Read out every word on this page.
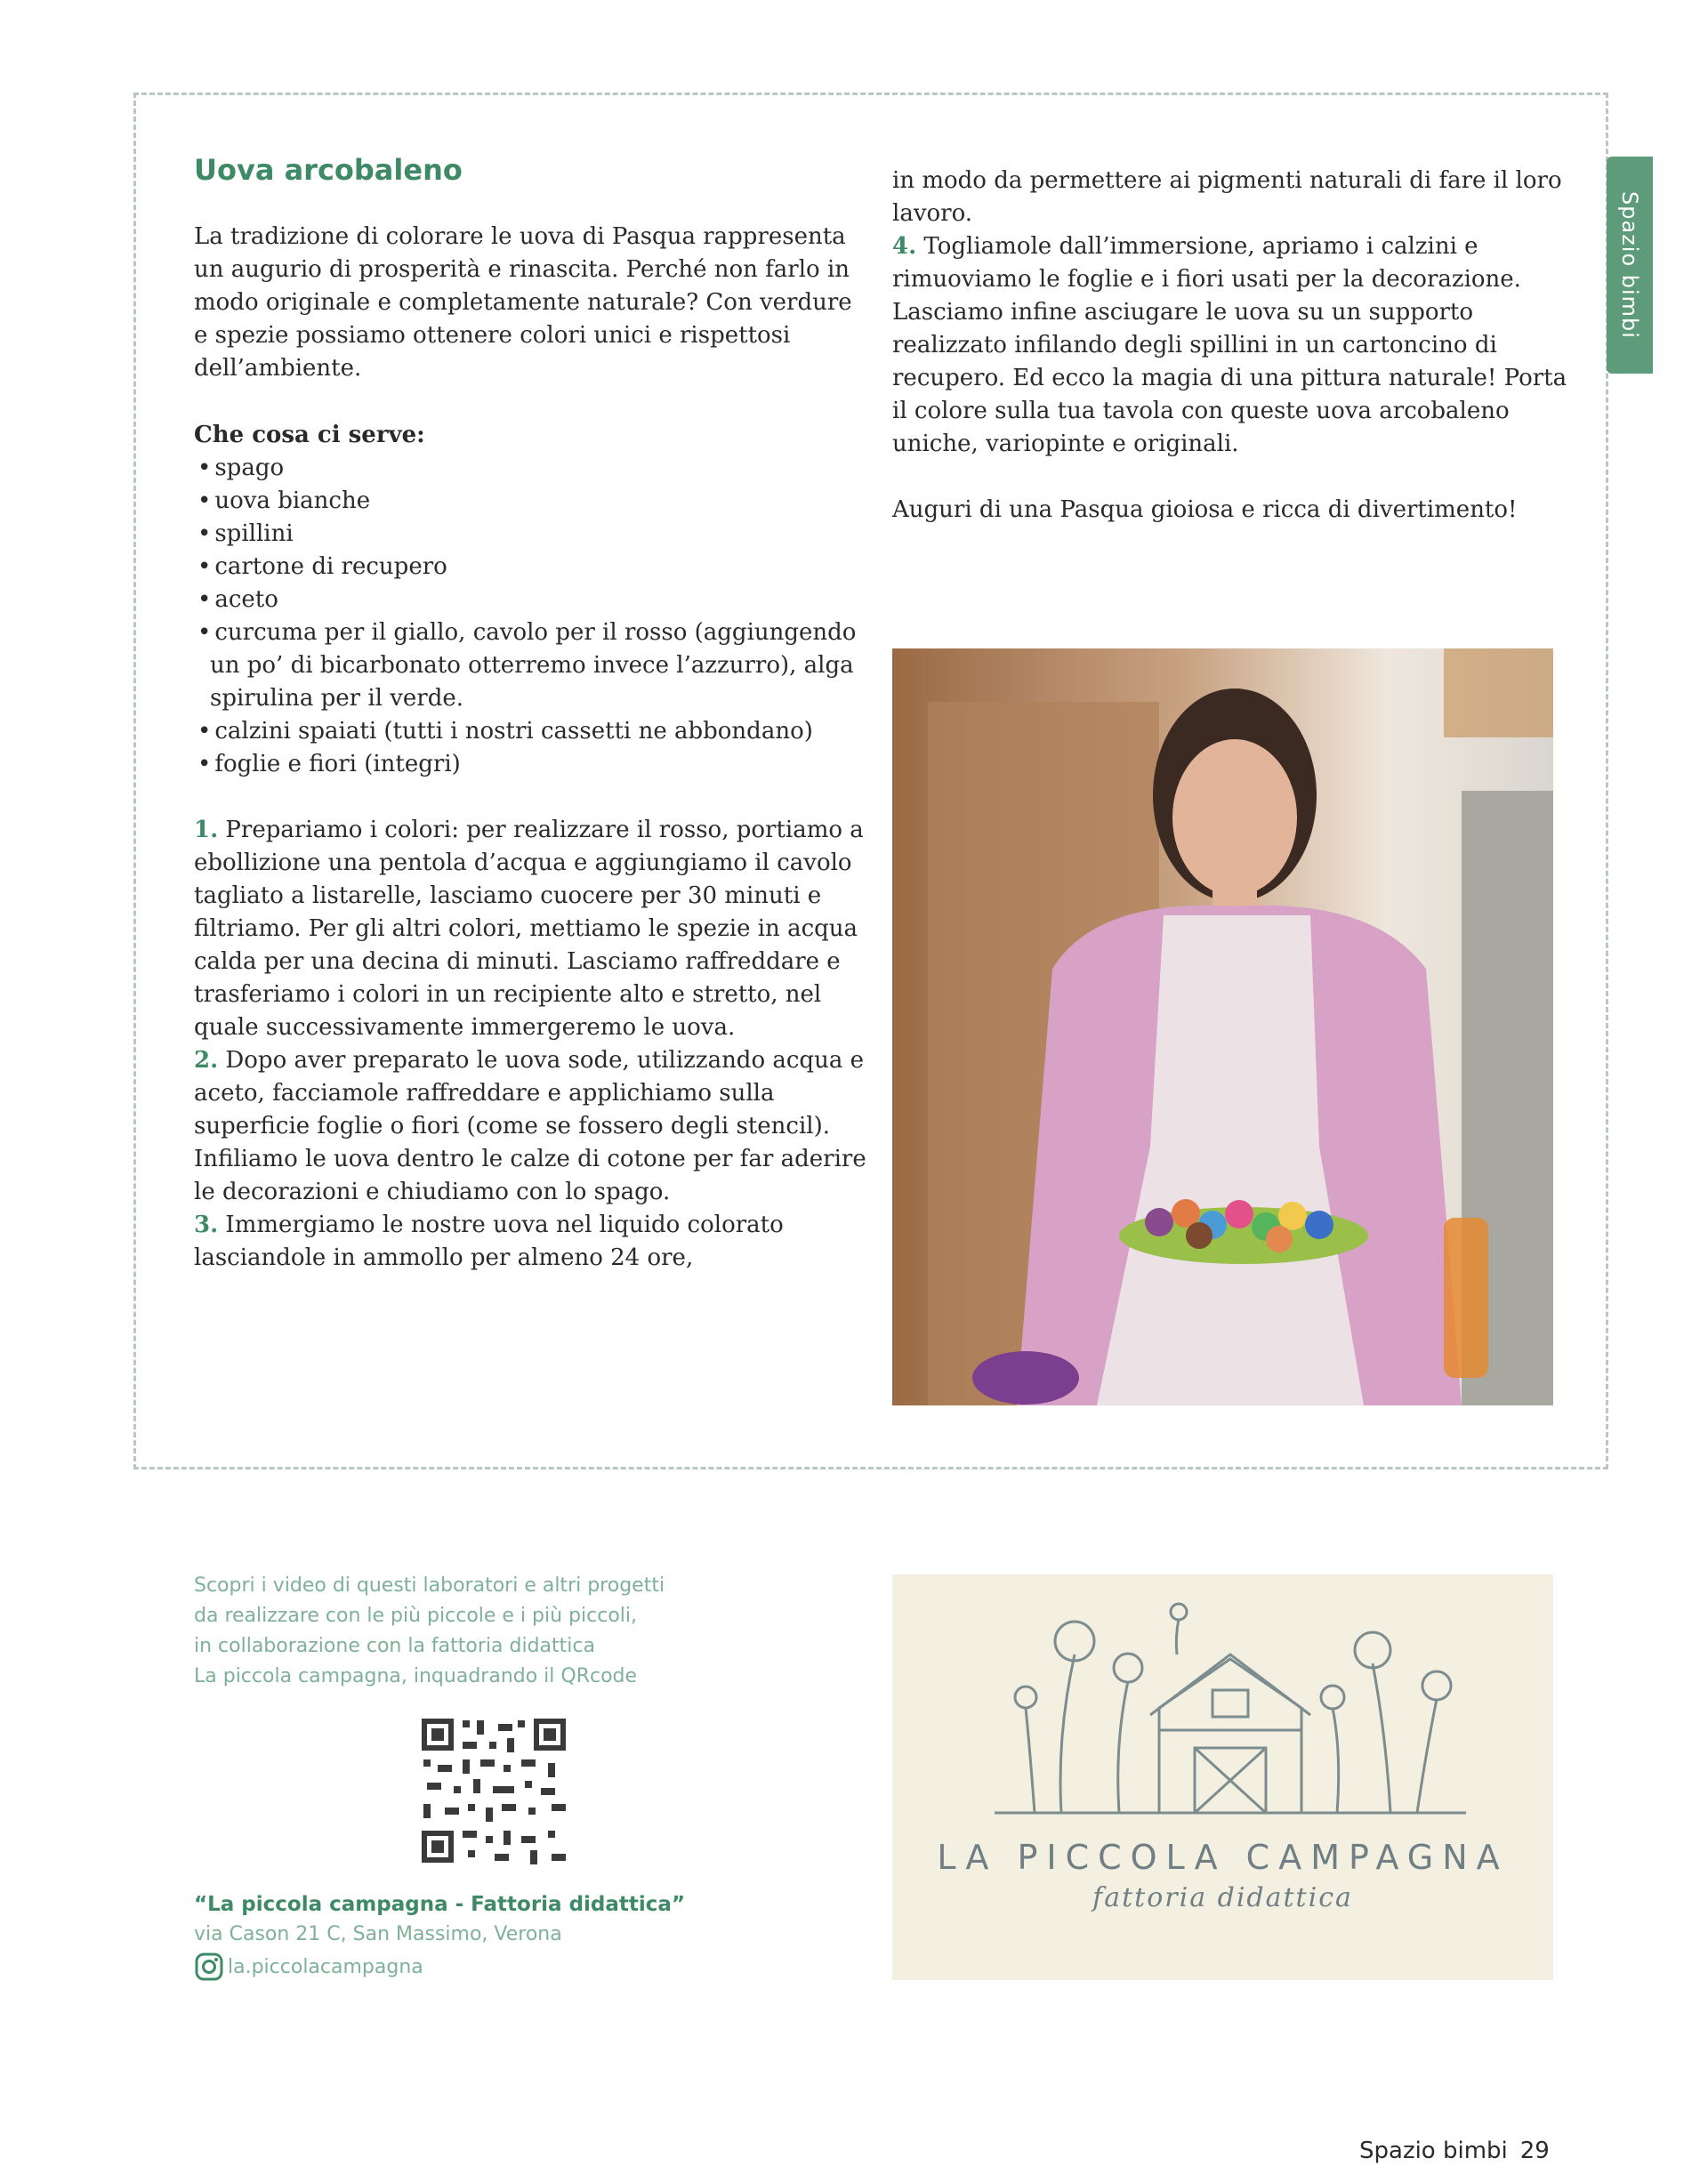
Spazio bimbi
Uova arcobaleno

La tradizione di colorare le uova di Pasqua rappresenta un augurio di prosperità e rinascita. Perché non farlo in modo originale e completamente naturale? Con verdure e spezie possiamo ottenere colori unici e rispettosi dell’ambiente.

Che cosa ci serve:

• spago
• uova bianche
• spillini
• cartone di recupero
• aceto
• curcuma per il giallo, cavolo per il rosso (aggiungendo un po’ di bicarbonato otterremo invece l’azzurro), alga spirulina per il verde.
• calzini spaiati (tutti i nostri cassetti ne abbondano)
• foglie e fiori (integri)

1. Prepariamo i colori: per realizzare il rosso, portiamo a ebollizione una pentola d’acqua e aggiungiamo il cavolo tagliato a listarelle, lasciamo cuocere per 30 minuti e filtriamo. Per gli altri colori, mettiamo le spezie in acqua calda per una decina di minuti. Lasciamo raffreddare e trasferiamo i colori in un recipiente alto e stretto, nel quale successivamente immergeremo le uova.

2. Dopo aver preparato le uova sode, utilizzando acqua e aceto, facciamole raffreddare e applichiamo sulla superficie foglie o fiori (come se fossero degli stencil). Infiliamo le uova dentro le calze di cotone per far aderire le decorazioni e chiudiamo con lo spago.

3. Immergiamo le nostre uova nel liquido colorato lasciandole in ammollo per almeno 24 ore,

in modo da permettere ai pigmenti naturali di fare il loro lavoro.

4. Togliamole dall’immersione, apriamo i calzini e rimuoviamo le foglie e i fiori usati per la decorazione. Lasciamo infine asciugare le uova su un supporto realizzato infilando degli spillini in un cartoncino di recupero. Ed ecco la magia di una pittura naturale! Porta il colore sulla tua tavola con queste uova arcobaleno uniche, variopinte e originali.

Auguri di una Pasqua gioiosa e ricca di divertimento!

Scopri i video di questi laboratori e altri progetti
da realizzare con le più piccole e i più piccoli,
in collaborazione con la fattoria didattica
La piccola campagna, inquadrando il QRcode
“La piccola campagna - Fattoria didattica”
via Cason 21 C, San Massimo, Verona
la.piccolacampagna
LA PICCOLA CAMPAGNA
fattoria didattica
Spazio bimbi 29
